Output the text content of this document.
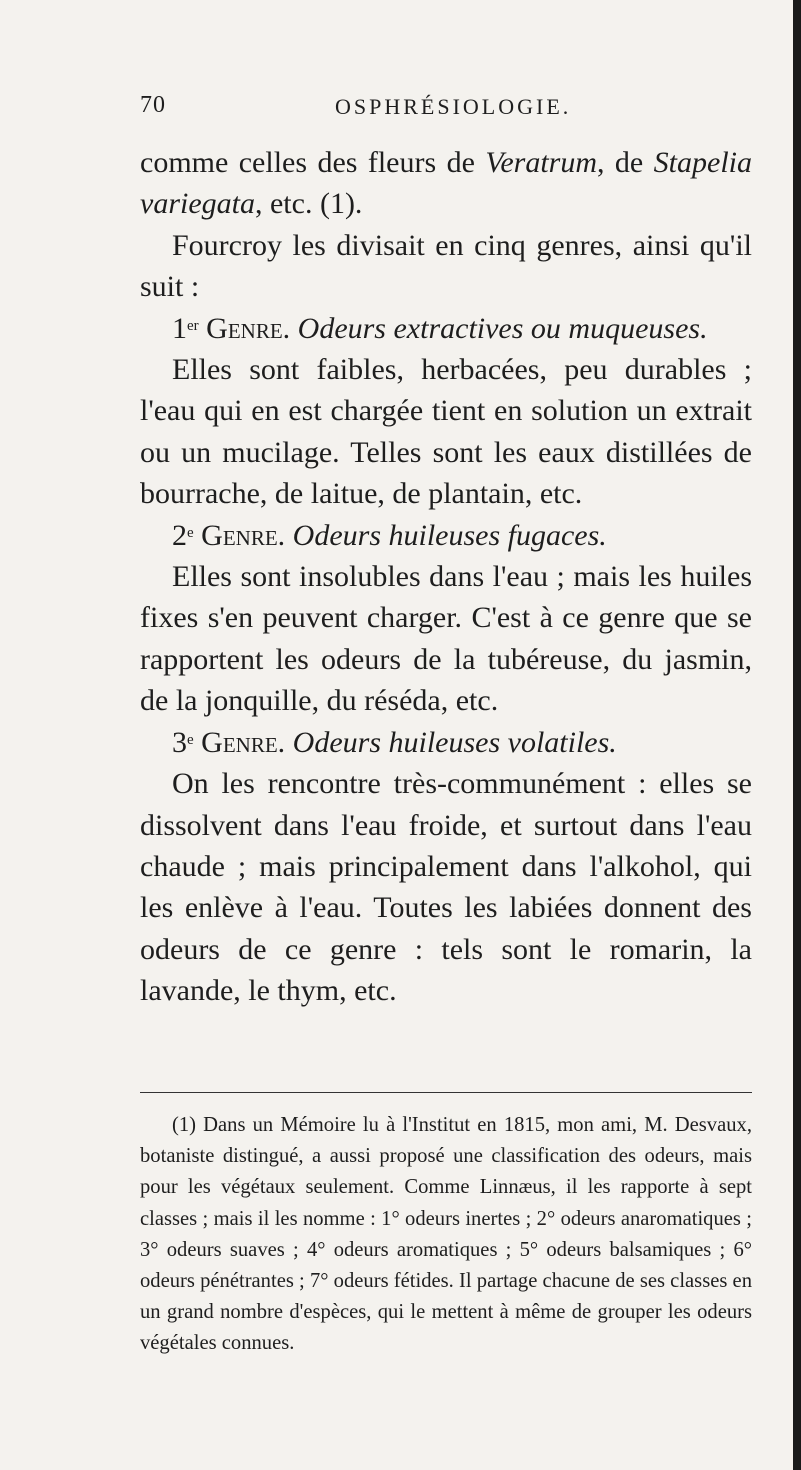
70	OSPHRÉSIOLOGIE.

comme celles des fleurs de Veratrum, de Stapelia variegata, etc. (1).

Fourcroy les divisait en cinq genres, ainsi qu'il suit :

1er Genre. Odeurs extractives ou muqueuses.

Elles sont faibles, herbacées, peu durables ; l'eau qui en est chargée tient en solution un extrait ou un mucilage. Telles sont les eaux distillées de bourrache, de laitue, de plantain, etc.

2e Genre. Odeurs huileuses fugaces.

Elles sont insolubles dans l'eau ; mais les huiles fixes s'en peuvent charger. C'est à ce genre que se rapportent les odeurs de la tubéreuse, du jasmin, de la jonquille, du réséda, etc.

3e Genre. Odeurs huileuses volatiles.

On les rencontre très-communément : elles se dissolvent dans l'eau froide, et surtout dans l'eau chaude ; mais principalement dans l'alkohol, qui les enlève à l'eau. Toutes les labiées donnent des odeurs de ce genre : tels sont le romarin, la lavande, le thym, etc.

(1) Dans un Mémoire lu à l'Institut en 1815, mon ami, M. Desvaux, botaniste distingué, a aussi proposé une classification des odeurs, mais pour les végétaux seulement. Comme Linnæus, il les rapporte à sept classes ; mais il les nomme : 1° odeurs inertes ; 2° odeurs anaromatiques ; 3° odeurs suaves ; 4° odeurs aromatiques ; 5° odeurs balsamiques ; 6° odeurs pénétrantes ; 7° odeurs fétides. Il partage chacune de ses classes en un grand nombre d'espèces, qui le mettent à même de grouper les odeurs végétales connues.
